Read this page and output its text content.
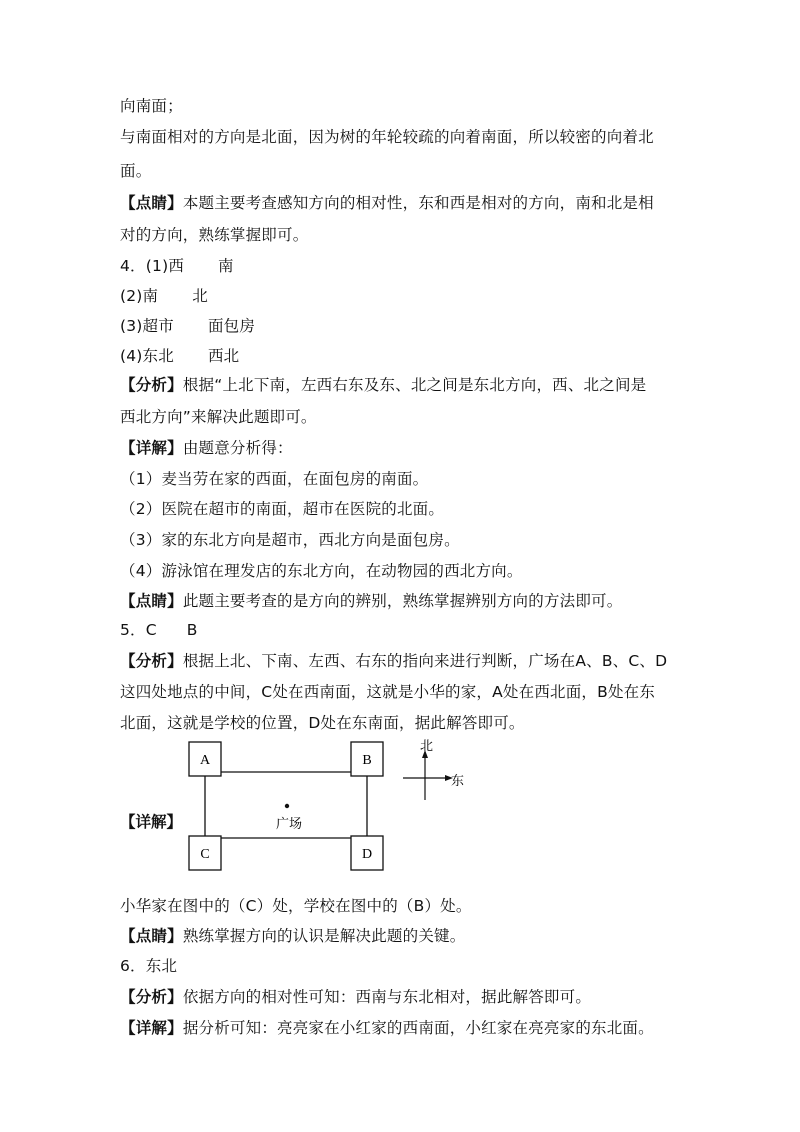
向南面；
与南面相对的方向是北面，因为树的年轮较疏的向着南面，所以较密的向着北
面。
【点睛】本题主要考查感知方向的相对性，东和西是相对的方向，南和北是相
对的方向，熟练掌握即可。
4．(1)西 南
(2)南 北
(3)超市 面包房
(4)东北 西北
【分析】根据“上北下南，左西右东及东、北之间是东北方向，西、北之间是
西北方向”来解决此题即可。
【详解】由题意分析得：
（1）麦当劳在家的西面，在面包房的南面。
（2）医院在超市的南面，超市在医院的北面。
（3）家的东北方向是超市，西北方向是面包房。
（4）游泳馆在理发店的东北方向，在动物园的西北方向。
【点睛】此题主要考查的是方向的辨别，熟练掌握辨别方向的方法即可。
5．C B
【分析】根据上北、下南、左西、右东的指向来进行判断，广场在A、B、C、D
这四处地点的中间，C处在西南面，这就是小华的家，A处在西北面，B处在东
北面，这就是学校的位置，D处在东南面，据此解答即可。
【详解】
A	B
C	D
广场
北
东
小华家在图中的（C）处，学校在图中的（B）处。
【点睛】熟练掌握方向的认识是解决此题的关键。
6．东北
【分析】依据方向的相对性可知：西南与东北相对，据此解答即可。
【详解】据分析可知：亮亮家在小红家的西南面，小红家在亮亮家的东北面。
